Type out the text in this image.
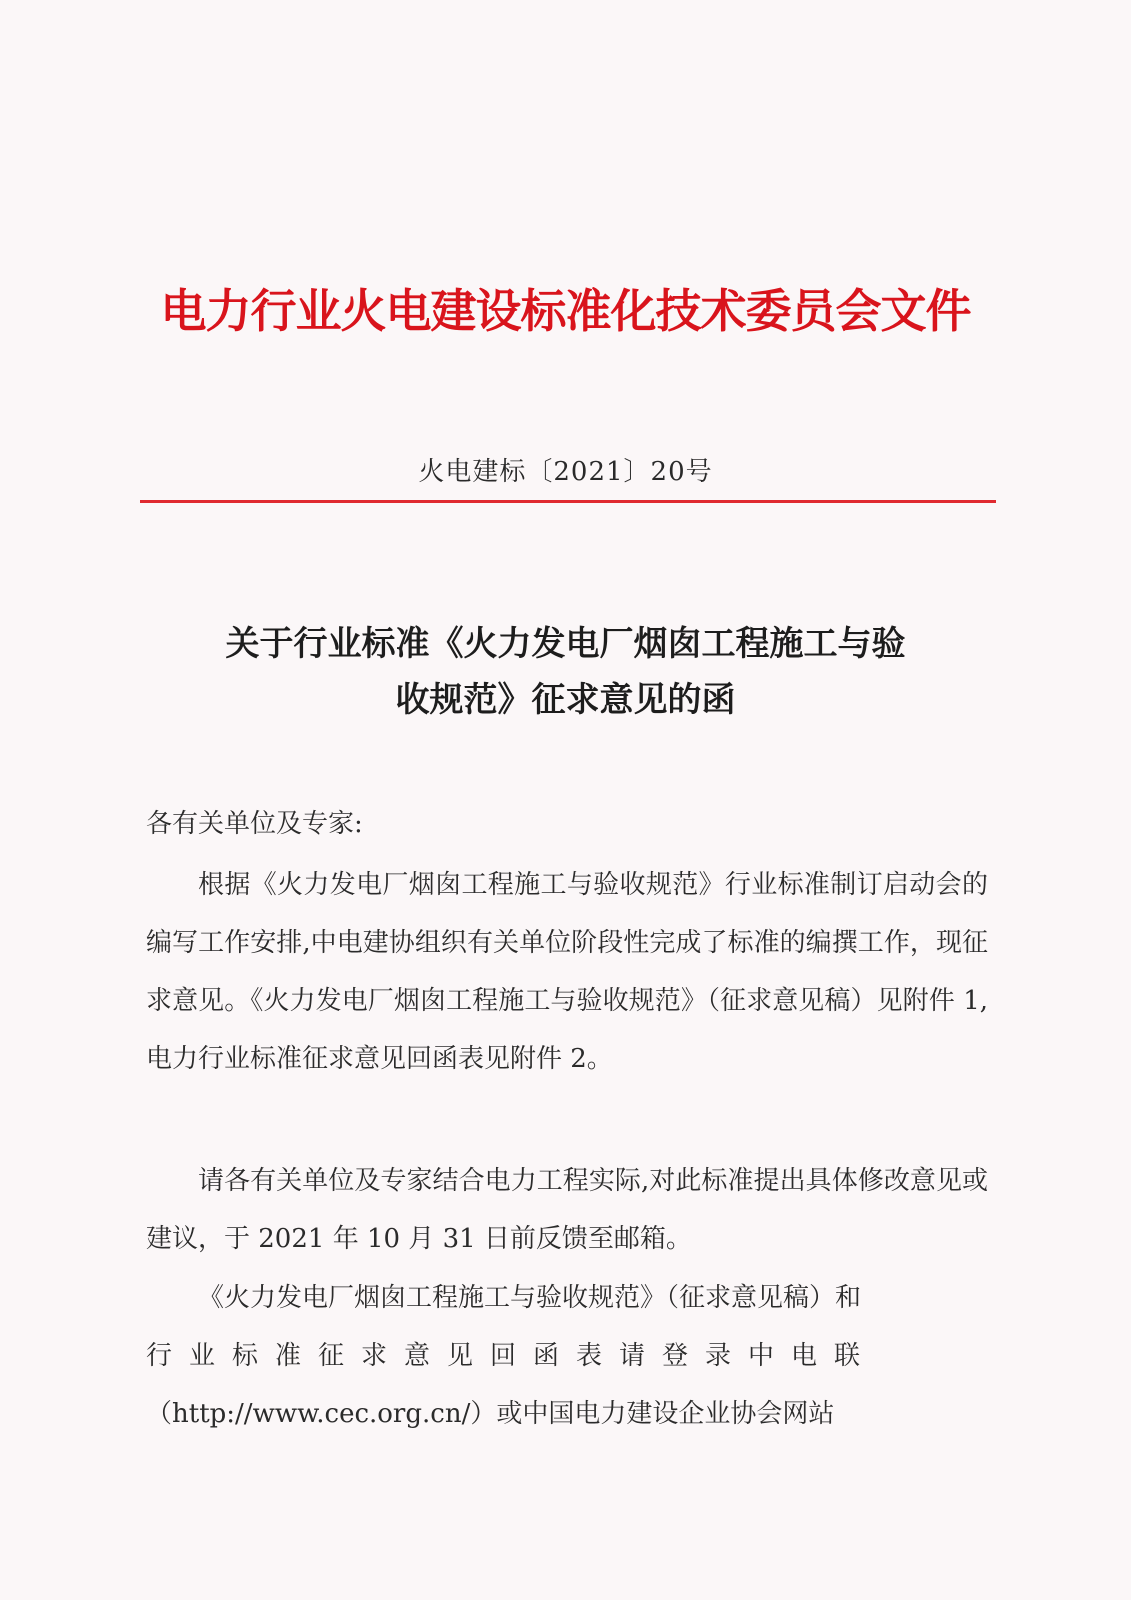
电力行业火电建设标准化技术委员会文件
火电建标〔2021〕20号
关于行业标准《火力发电厂烟囱工程施工与验
收规范》征求意见的函
各有关单位及专家:

根据《火力发电厂烟囱工程施工与验收规范》行业标准制订启动会的编写工作安排,中电建协组织有关单位阶段性完成了标准的编撰工作，现征求意见。《火力发电厂烟囱工程施工与验收规范》（征求意见稿）见附件 1,电力行业标准征求意见回函表见附件 2。

请各有关单位及专家结合电力工程实际,对此标准提出具体修改意见或建议，于 2021 年 10 月 31 日前反馈至邮箱。

《火力发电厂烟囱工程施工与验收规范》（征求意见稿）和
行业标准征求意见回函表请登录中电联
（http://www.cec.org.cn/）或中国电力建设企业协会网站
